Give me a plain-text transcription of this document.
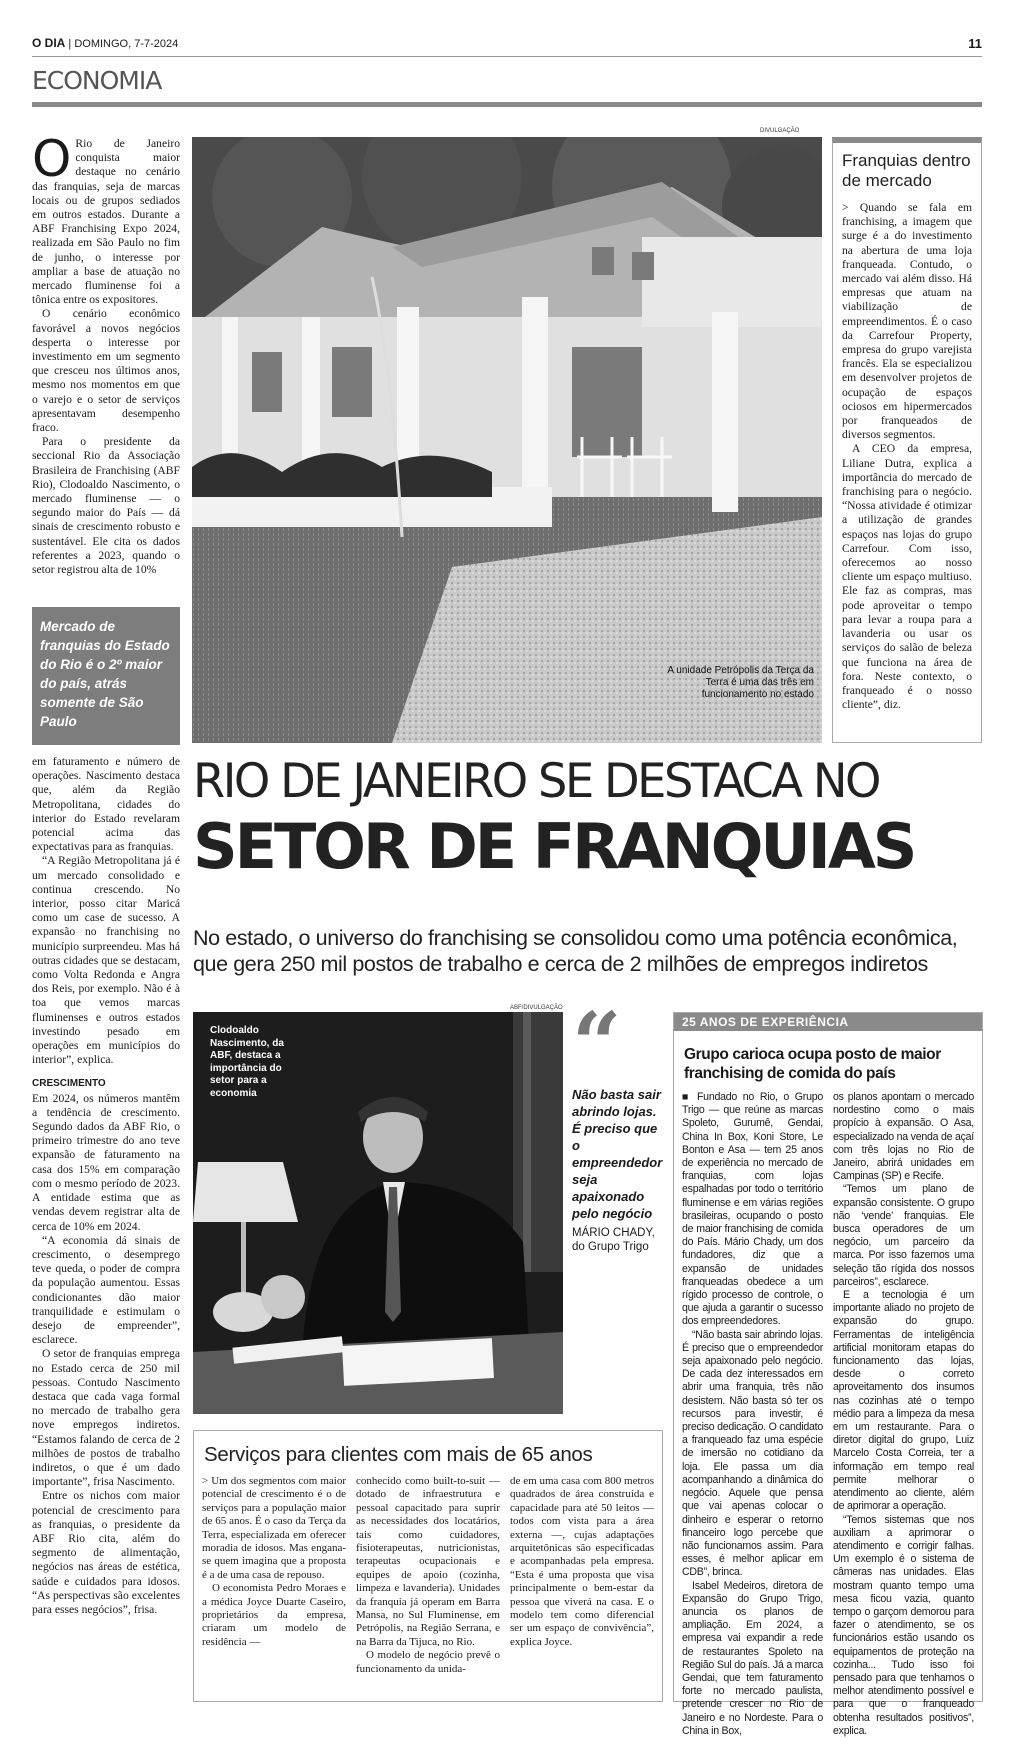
O DIA | DOMINGO, 7-7-2024	11
ECONOMIA
DIVULGAÇÃO
A unidade Petrópolis da Terça da Terra é uma das três em funcionamento no estado
O Rio de Janeiro conquista maior destaque no cenário das franquias, seja de marcas locais ou de grupos sediados em outros estados. Durante a ABF Franchising Expo 2024, realizada em São Paulo no fim de junho, o interesse por ampliar a base de atuação no mercado fluminense foi a tônica entre os expositores.

O cenário econômico favorável a novos negócios desperta o interesse por investimento em um segmento que cresceu nos últimos anos, mesmo nos momentos em que o varejo e o setor de serviços apresentavam desempenho fraco.

Para o presidente da seccional Rio da Associação Brasileira de Franchising (ABF Rio), Clodoaldo Nascimento, o mercado fluminense — o segundo maior do País — dá sinais de crescimento robusto e sustentável. Ele cita os dados referentes a 2023, quando o setor registrou alta de 10%

Mercado de franquias do Estado do Rio é o 2º maior do país, atrás somente de São Paulo
Franquias dentro de mercado

> Quando se fala em franchising, a imagem que surge é a do investimento na abertura de uma loja franqueada. Contudo, o mercado vai além disso. Há empresas que atuam na viabilização de empreendimentos. É o caso da Carrefour Property, empresa do grupo varejista francês. Ela se especializou em desenvolver projetos de ocupação de espaços ociosos em hipermercados por franqueados de diversos segmentos.

A CEO da empresa, Liliane Dutra, explica a importância do mercado de franchising para o negócio. “Nossa atividade é otimizar a utilização de grandes espaços nas lojas do grupo Carrefour. Com isso, oferecemos ao nosso cliente um espaço multiuso. Ele faz as compras, mas pode aproveitar o tempo para levar a roupa para a lavanderia ou usar os serviços do salão de beleza que funciona na área de fora. Neste contexto, o franqueado é o nosso cliente”, diz.

RIO DE JANEIRO SE DESTACA NO
SETOR DE FRANQUIAS
No estado, o universo do franchising se consolidou como uma potência econômica, que gera 250 mil postos de trabalho e cerca de 2 milhões de empregos indiretos

em faturamento e número de operações. Nascimento destaca que, além da Região Metropolitana, cidades do interior do Estado revelaram potencial acima das expectativas para as franquias.

“A Região Metropolitana já é um mercado consolidado e continua crescendo. No interior, posso citar Maricá como um case de sucesso. A expansão no franchising no município surpreendeu. Mas há outras cidades que se destacam, como Volta Redonda e Angra dos Reis, por exemplo. Não é à toa que vemos marcas fluminenses e outros estados investindo pesado em operações em municípios do interior”, explica.

CRESCIMENTO

Em 2024, os números mantêm a tendência de crescimento. Segundo dados da ABF Rio, o primeiro trimestre do ano teve expansão de faturamento na casa dos 15% em comparação com o mesmo período de 2023. A entidade estima que as vendas devem registrar alta de cerca de 10% em 2024.

“A economia dá sinais de crescimento, o desemprego teve queda, o poder de compra da população aumentou. Essas condicionantes dão maior tranquilidade e estimulam o desejo de empreender”, esclarece.

O setor de franquias emprega no Estado cerca de 250 mil pessoas. Contudo Nascimento destaca que cada vaga formal no mercado de trabalho gera nove empregos indiretos. “Estamos falando de cerca de 2 milhões de postos de trabalho indiretos, o que é um dado importante”, frisa Nascimento.

Entre os nichos com maior potencial de crescimento para as franquias, o presidente da ABF Rio cita, além do segmento de alimentação, negócios nas áreas de estética, saúde e cuidados para idosos. “As perspectivas são excelentes para esses negócios”, frisa.

ABF/DIVULGAÇÃO
Clodoaldo Nascimento, da ABF, destaca a importância do setor para a economia	“
Não basta sair abrindo lojas. É preciso que o empreendedor seja apaixonado pelo negócio
MÁRIO CHADY, do Grupo Trigo
25 ANOS DE EXPERIÊNCIA
Grupo carioca ocupa posto de maior franchising de comida do país

■ Fundado no Rio, o Grupo Trigo — que reúne as marcas Spoleto, Gurumê, Gendai, China In Box, Koni Store, Le Bonton e Asa — tem 25 anos de experiência no mercado de franquias, com lojas espalhadas por todo o território fluminense e em várias regiões brasileiras, ocupando o posto de maior franchising de comida do País. Mário Chady, um dos fundadores, diz que a expansão de unidades franqueadas obedece a um rígido processo de controle, o que ajuda a garantir o sucesso dos empreendedores.

“Não basta sair abrindo lojas. É preciso que o empreendedor seja apaixonado pelo negócio. De cada dez interessados em abrir uma franquia, três não desistem. Não basta só ter os recursos para investir, é preciso dedicação. O candidato a franqueado faz uma espécie de imersão no cotidiano da loja. Ele passa um dia acompanhando a dinâmica do negócio. Aquele que pensa que vai apenas colocar o dinheiro e esperar o retorno financeiro logo percebe que não funcionamos assim. Para esses, é melhor aplicar em CDB”, brinca.

Isabel Medeiros, diretora de Expansão do Grupo Trigo, anuncia os planos de ampliação. Em 2024, a empresa vai expandir a rede de restaurantes Spoleto na Região Sul do país. Já a marca Gendai, que tem faturamento forte no mercado paulista, pretende crescer no Rio de Janeiro e no Nordeste. Para o China in Box,

os planos apontam o mercado nordestino como o mais propício à expansão. O Asa, especializado na venda de açaí com três lojas no Rio de Janeiro, abrirá unidades em Campinas (SP) e Recife.

“Temos um plano de expansão consistente. O grupo não ‘vende’ franquias. Ele busca operadores de um negócio, um parceiro da marca. Por isso fazemos uma seleção tão rígida dos nossos parceiros”, esclarece.

E a tecnologia é um importante aliado no projeto de expansão do grupo. Ferramentas de inteligência artificial monitoram etapas do funcionamento das lojas, desde o correto aproveitamento dos insumos nas cozinhas até o tempo médio para a limpeza da mesa em um restaurante. Para o diretor digital do grupo, Luiz Marcelo Costa Correia, ter a informação em tempo real permite melhorar o atendimento ao cliente, além de aprimorar a operação.

“Temos sistemas que nos auxiliam a aprimorar o atendimento e corrigir falhas. Um exemplo é o sistema de câmeras nas unidades. Elas mostram quanto tempo uma mesa ficou vazia, quanto tempo o garçom demorou para fazer o atendimento, se os funcionários estão usando os equipamentos de proteção na cozinha... Tudo isso foi pensado para que tenhamos o melhor atendimento possível e para que o franqueado obtenha resultados positivos”, explica.

Serviços para clientes com mais de 65 anos

> Um dos segmentos com maior potencial de crescimento é o de serviços para a população maior de 65 anos. É o caso da Terça da Terra, especializada em oferecer moradia de idosos. Mas engana-se quem imagina que a proposta é a de uma casa de repouso.

O economista Pedro Moraes e a médica Joyce Duarte Caseiro, proprietários da empresa, criaram um modelo de residência —

conhecido como built-to-suit — dotado de infraestrutura e pessoal capacitado para suprir as necessidades dos locatários, tais como cuidadores, fisioterapeutas, nutricionistas, terapeutas ocupacionais e equipes de apoio (cozinha, limpeza e lavanderia). Unidades da franquia já operam em Barra Mansa, no Sul Fluminense, em Petrópolis, na Região Serrana, e na Barra da Tijuca, no Rio.

O modelo de negócio prevê o funcionamento da unida-

de em uma casa com 800 metros quadrados de área construída e capacidade para até 50 leitos — todos com vista para a área externa —, cujas adaptações arquitetônicas são especificadas e acompanhadas pela empresa. “Esta é uma proposta que visa principalmente o bem-estar da pessoa que viverá na casa. E o modelo tem como diferencial ser um espaço de convivência”, explica Joyce.
